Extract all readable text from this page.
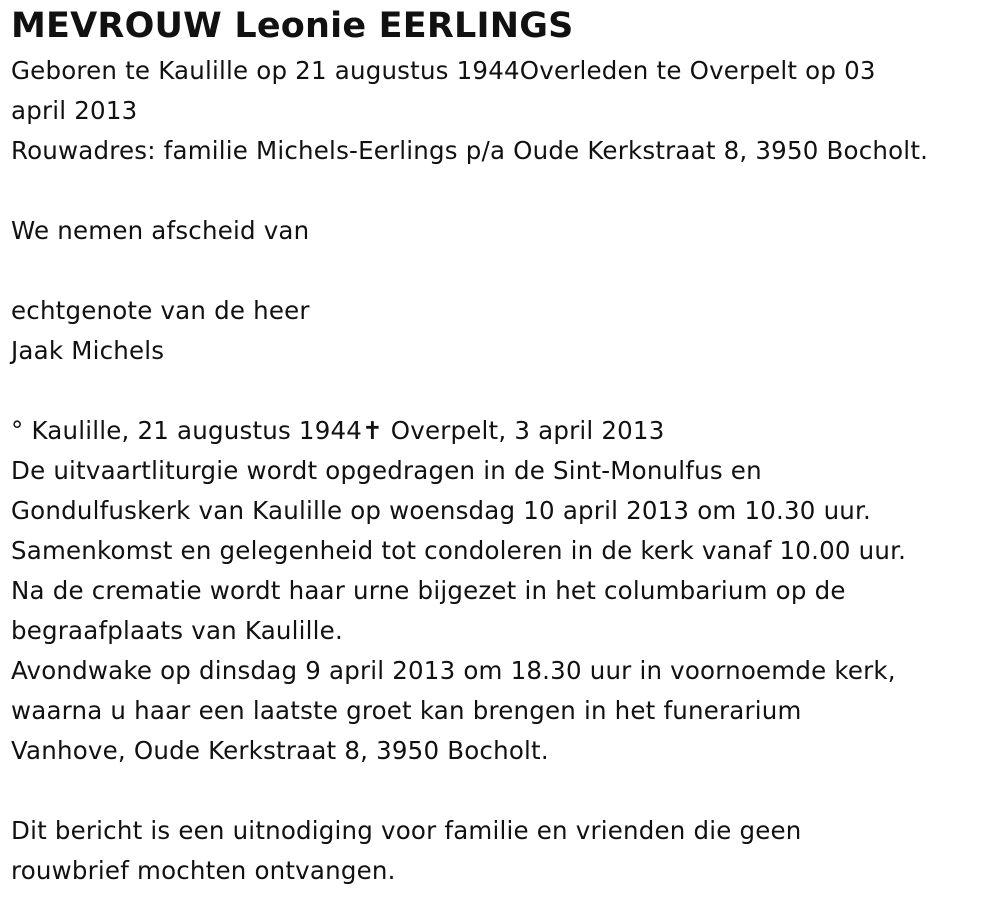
MEVROUW Leonie EERLINGS
Geboren te Kaulille op 21 augustus 1944Overleden te Overpelt op 03
april 2013
Rouwadres: familie Michels-Eerlings p/a Oude Kerkstraat 8, 3950 Bocholt.
We nemen afscheid van
echtgenote van de heer
Jaak Michels
° Kaulille, 21 augustus 1944✝ Overpelt, 3 april 2013
De uitvaartliturgie wordt opgedragen in de Sint-Monulfus en
Gondulfuskerk van Kaulille op woensdag 10 april 2013 om 10.30 uur.
Samenkomst en gelegenheid tot condoleren in de kerk vanaf 10.00 uur.
Na de crematie wordt haar urne bijgezet in het columbarium op de
begraafplaats van Kaulille.
Avondwake op dinsdag 9 april 2013 om 18.30 uur in voornoemde kerk,
waarna u haar een laatste groet kan brengen in het funerarium
Vanhove, Oude Kerkstraat 8, 3950 Bocholt.
Dit bericht is een uitnodiging voor familie en vrienden die geen
rouwbrief mochten ontvangen.
